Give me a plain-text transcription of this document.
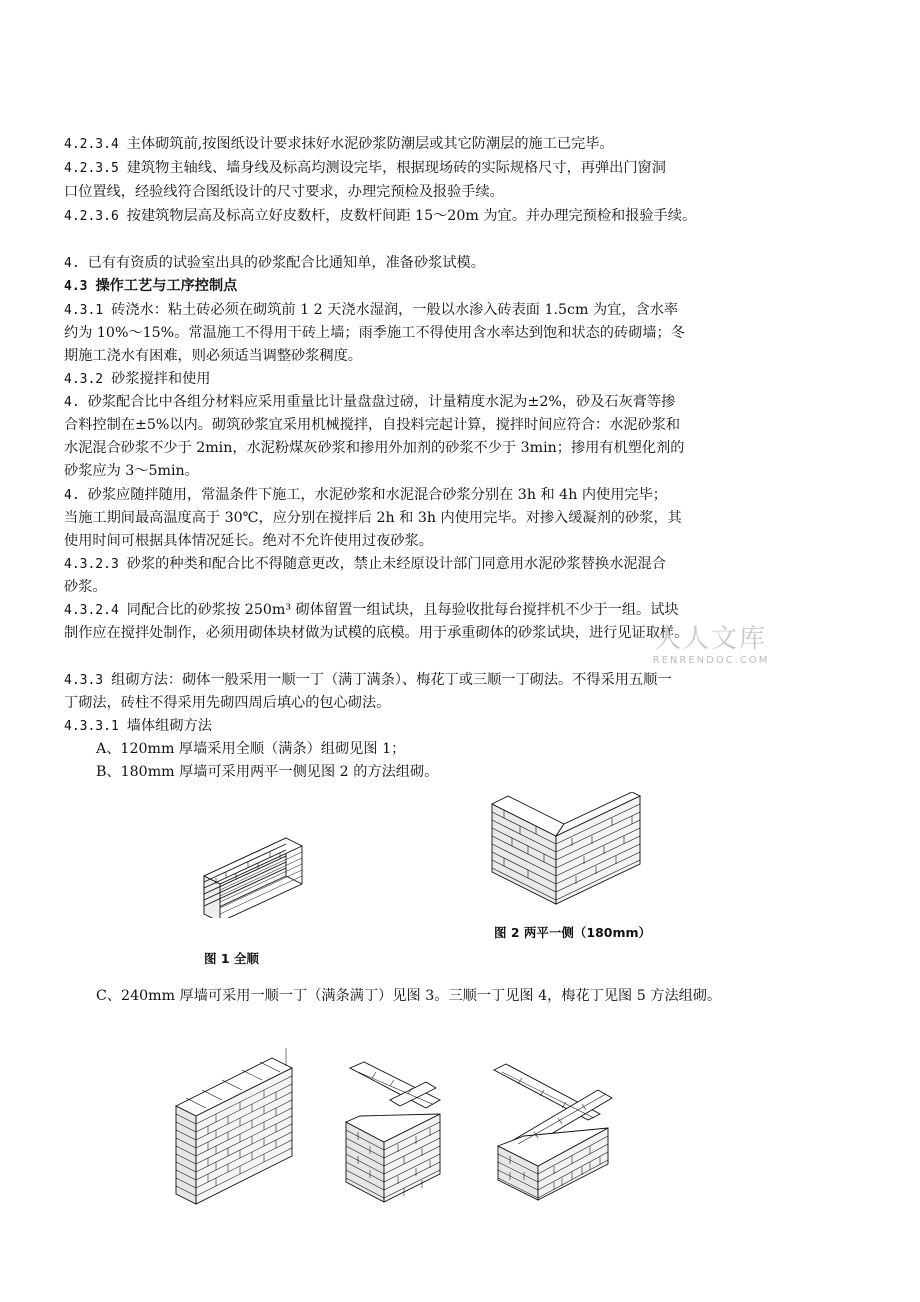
4.2.3.4 主体砌筑前,按图纸设计要求抹好水泥砂浆防潮层或其它防潮层的施工已完毕。
4.2.3.5 建筑物主轴线、墙身线及标高均测设完毕，根据现场砖的实际规格尺寸，再弹出门窗洞
口位置线，经验线符合图纸设计的尺寸要求，办理完预检及报验手续。
4.2.3.6 按建筑物层高及标高立好皮数杆，皮数杆间距 15～20m 为宜。并办理完预检和报验手续。
4. 已有有资质的试验室出具的砂浆配合比通知单，准备砂浆试模。
4.3 操作工艺与工序控制点
4.3.1 砖浇水：粘土砖必须在砌筑前 1 2 天浇水湿润，一般以水渗入砖表面 1.5cm 为宜，含水率
约为 10%～15%。常温施工不得用干砖上墙；雨季施工不得使用含水率达到饱和状态的砖砌墙；冬
期施工浇水有困难，则必须适当调整砂浆稠度。
4.3.2 砂浆搅拌和使用
4. 砂浆配合比中各组分材料应采用重量比计量盘盘过磅，计量精度水泥为±2%，砂及石灰膏等掺
合料控制在±5%以内。砌筑砂浆宜采用机械搅拌，自投料完起计算，搅拌时间应符合：水泥砂浆和
水泥混合砂浆不少于 2min，水泥粉煤灰砂浆和掺用外加剂的砂浆不少于 3min；掺用有机塑化剂的
砂浆应为 3～5min。
4. 砂浆应随拌随用，常温条件下施工，水泥砂浆和水泥混合砂浆分别在 3h 和 4h 内使用完毕；
当施工期间最高温度高于 30℃，应分别在搅拌后 2h 和 3h 内使用完毕。对掺入缓凝剂的砂浆，其
使用时间可根据具体情况延长。绝对不允许使用过夜砂浆。
4.3.2.3 砂浆的种类和配合比不得随意更改，禁止未经原设计部门同意用水泥砂浆替换水泥混合
砂浆。
4.3.2.4 同配合比的砂浆按 250m³ 砌体留置一组试块，且每验收批每台搅拌机不少于一组。试块
制作应在搅拌处制作，必须用砌体块材做为试模的底模。用于承重砌体的砂浆试块，进行见证取样。
4.3.3 组砌方法：砌体一般采用一顺一丁（满丁满条）、梅花丁或三顺一丁砌法。不得采用五顺一
丁砌法，砖柱不得采用先砌四周后填心的包心砌法。
4.3.3.1 墙体组砌方法
A、120mm 厚墙采用全顺（满条）组砌见图 1；
B、180mm 厚墙可采用两平一侧见图 2 的方法组砌。
人人文库
RENRENDOC.COM
图 1 全顺
图 2 两平一侧（180mm）
C、240mm 厚墙可采用一顺一丁（满条满丁）见图 3。三顺一丁见图 4，梅花丁见图 5 方法组砌。
